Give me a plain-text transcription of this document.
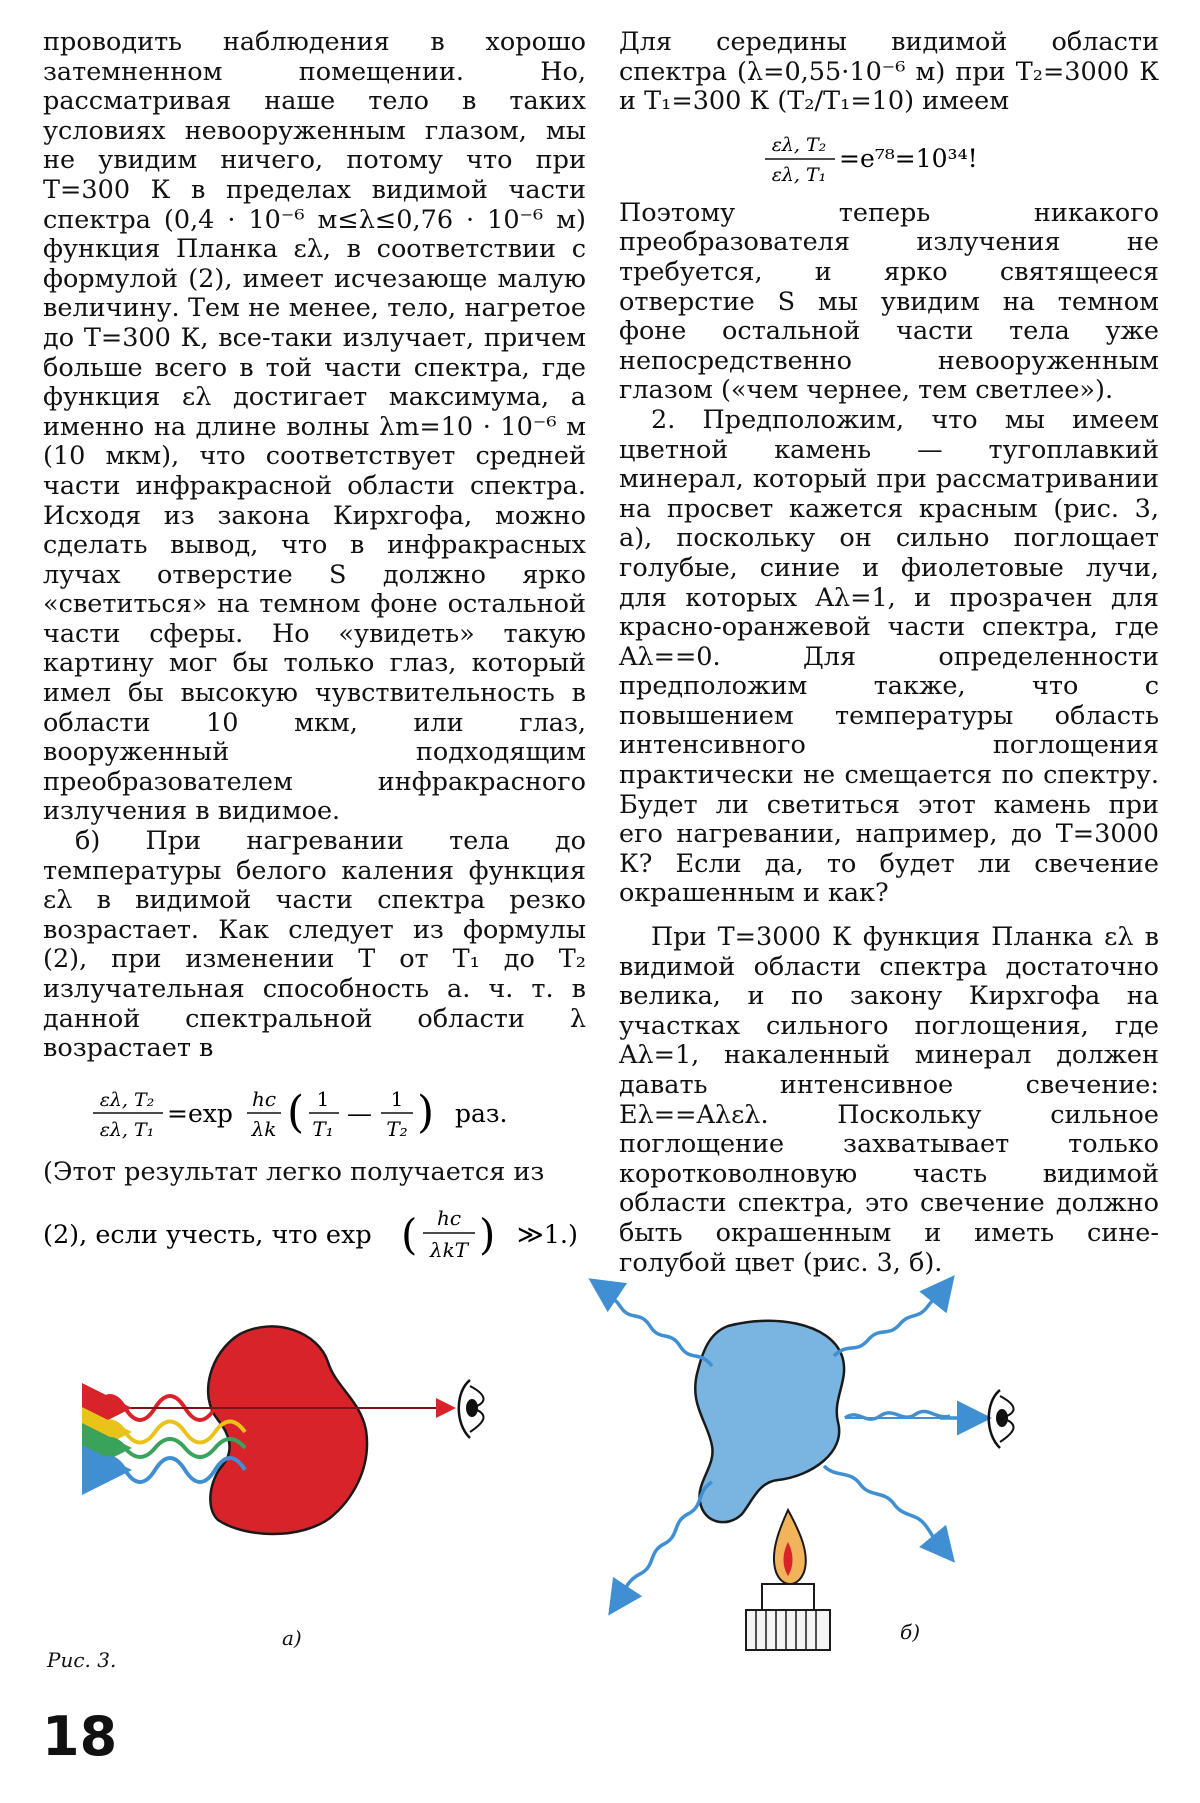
проводить наблюдения в хорошо затемненном помещении. Но, рассматривая наше тело в таких условиях невооруженным глазом, мы не увидим ничего, потому что при T=300 К в пределах видимой части спектра (0,4 · 10⁻⁶ м≤λ≤0,76 · 10⁻⁶ м) функция Планка ελ, в соответствии с формулой (2), имеет исчезающе малую величину. Тем не менее, тело, нагретое до T=300 К, все-таки излучает, причем больше всего в той части спектра, где функция ελ достигает максимума, а именно на длине волны λm=10 · 10⁻⁶ м (10 мкм), что соответствует средней части инфракрасной области спектра. Исходя из закона Кирхгофа, можно сделать вывод, что в инфракрасных лучах отверстие S должно ярко «светиться» на темном фоне остальной части сферы. Но «увидеть» такую картину мог бы только глаз, который имел бы высокую чувствительность в области 10 мкм, или глаз, вооруженный подходящим преобразователем инфракрасного излучения в видимое.

б) При нагревании тела до температуры белого каления функция ελ в видимой части спектра резко возрастает. Как следует из формулы (2), при изменении T от T₁ до T₂ излучательная способность а. ч. т. в данной спектральной области λ возрастает в

ελ, T₂
ελ, T₁
=exp hc
λk ( 1
T₁
— 1
T₂ ) раз.

(Этот результат легко получается из

(2), если учесть, что exp ( hc
λkT ) ≫1.)

Для середины видимой области спектра (λ=0,55·10⁻⁶ м) при T₂=3000 К и T₁=300 К (T₂/T₁=10) имеем

ελ, T₂
ελ, T₁
=e⁷⁸=10³⁴!

Поэтому теперь никакого преобразователя излучения не требуется, и ярко святящееся отверстие S мы увидим на темном фоне остальной части тела уже непосредственно невооруженным глазом («чем чернее, тем светлее»).

2. Предположим, что мы имеем цветной камень — тугоплавкий минерал, который при рассматривании на просвет кажется красным (рис. 3, а), поскольку он сильно поглощает голубые, синие и фиолетовые лучи, для которых Aλ=1, и прозрачен для красно-оранжевой части спектра, где Aλ==0. Для определенности предположим также, что с повышением температуры область интенсивного поглощения практически не смещается по спектру. Будет ли светиться этот камень при его нагревании, например, до T=3000 К? Если да, то будет ли свечение окрашенным и как?

При T=3000 К функция Планка ελ в видимой области спектра достаточно велика, и по закону Кирхгофа на участках сильного поглощения, где Aλ=1, накаленный минерал должен давать интенсивное свечение: Eλ==Aλελ. Поскольку сильное поглощение захватывает только коротковолновую часть видимой области спектра, это свечение должно быть окрашенным и иметь сине-голубой цвет (рис. 3, б).

Рис. 3.
а)	б)
18
